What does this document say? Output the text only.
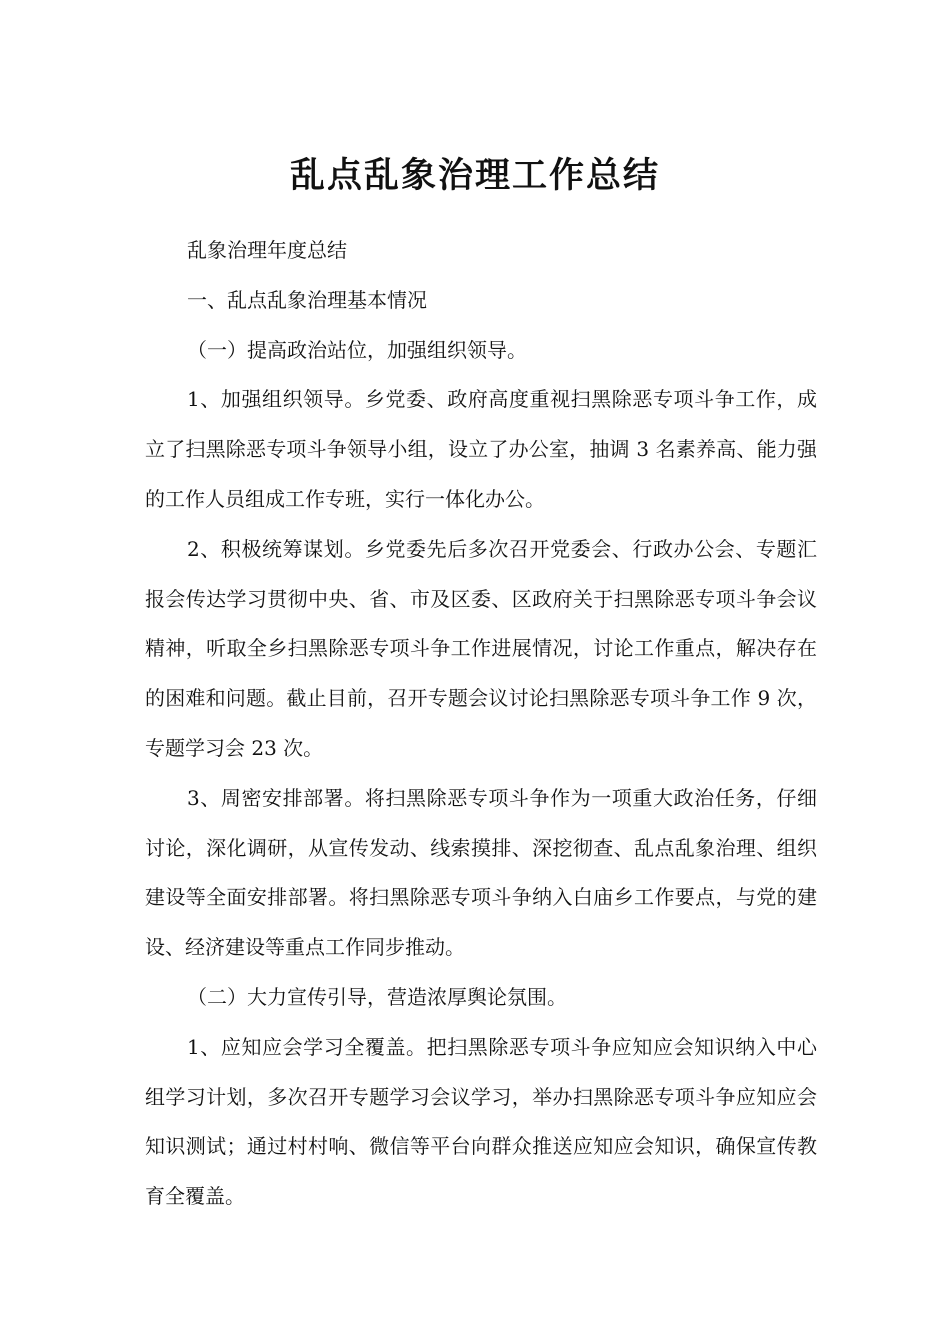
乱点乱象治理工作总结

乱象治理年度总结

一、乱点乱象治理基本情况

（一）提高政治站位，加强组织领导。

1、加强组织领导。乡党委、政府高度重视扫黑除恶专项斗争工作，成立了扫黑除恶专项斗争领导小组，设立了办公室，抽调 3 名素养高、能力强的工作人员组成工作专班，实行一体化办公。

2、积极统筹谋划。乡党委先后多次召开党委会、行政办公会、专题汇报会传达学习贯彻中央、省、市及区委、区政府关于扫黑除恶专项斗争会议精神，听取全乡扫黑除恶专项斗争工作进展情况，讨论工作重点，解决存在的困难和问题。截止目前，召开专题会议讨论扫黑除恶专项斗争工作 9 次，专题学习会 23 次。

3、周密安排部署。将扫黑除恶专项斗争作为一项重大政治任务，仔细讨论，深化调研，从宣传发动、线索摸排、深挖彻查、乱点乱象治理、组织建设等全面安排部署。将扫黑除恶专项斗争纳入白庙乡工作要点，与党的建设、经济建设等重点工作同步推动。

（二）大力宣传引导，营造浓厚舆论氛围。

1、应知应会学习全覆盖。把扫黑除恶专项斗争应知应会知识纳入中心组学习计划，多次召开专题学习会议学习，举办扫黑除恶专项斗争应知应会知识测试；通过村村响、微信等平台向群众推送应知应会知识，确保宣传教育全覆盖。
